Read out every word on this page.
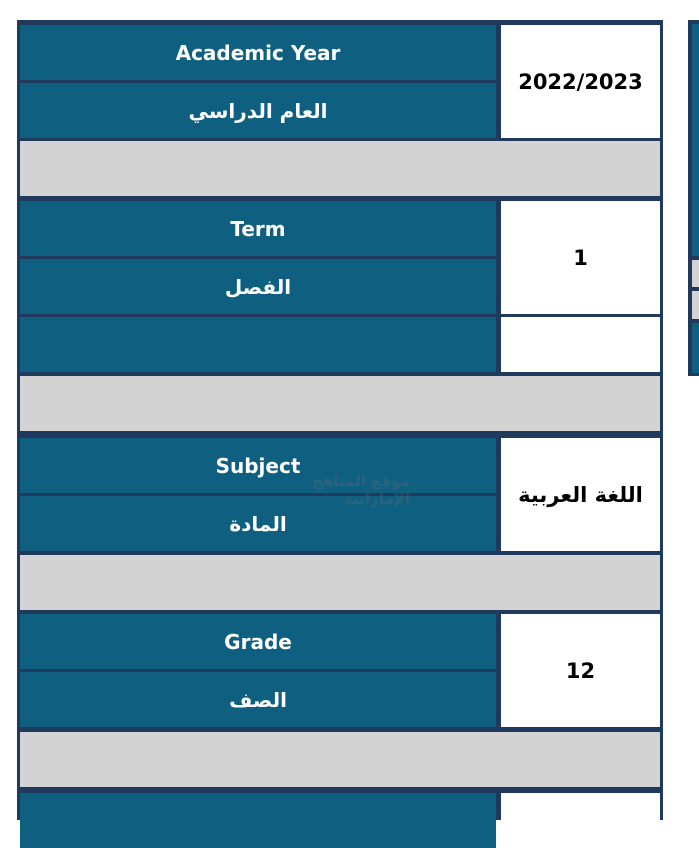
Academic Year
العام الدراسي
2022/2023
Term
الفصل
1
Subject
المادة
اللغة العربية
Grade
الصف
12
موقع المناهج الإماراتية
